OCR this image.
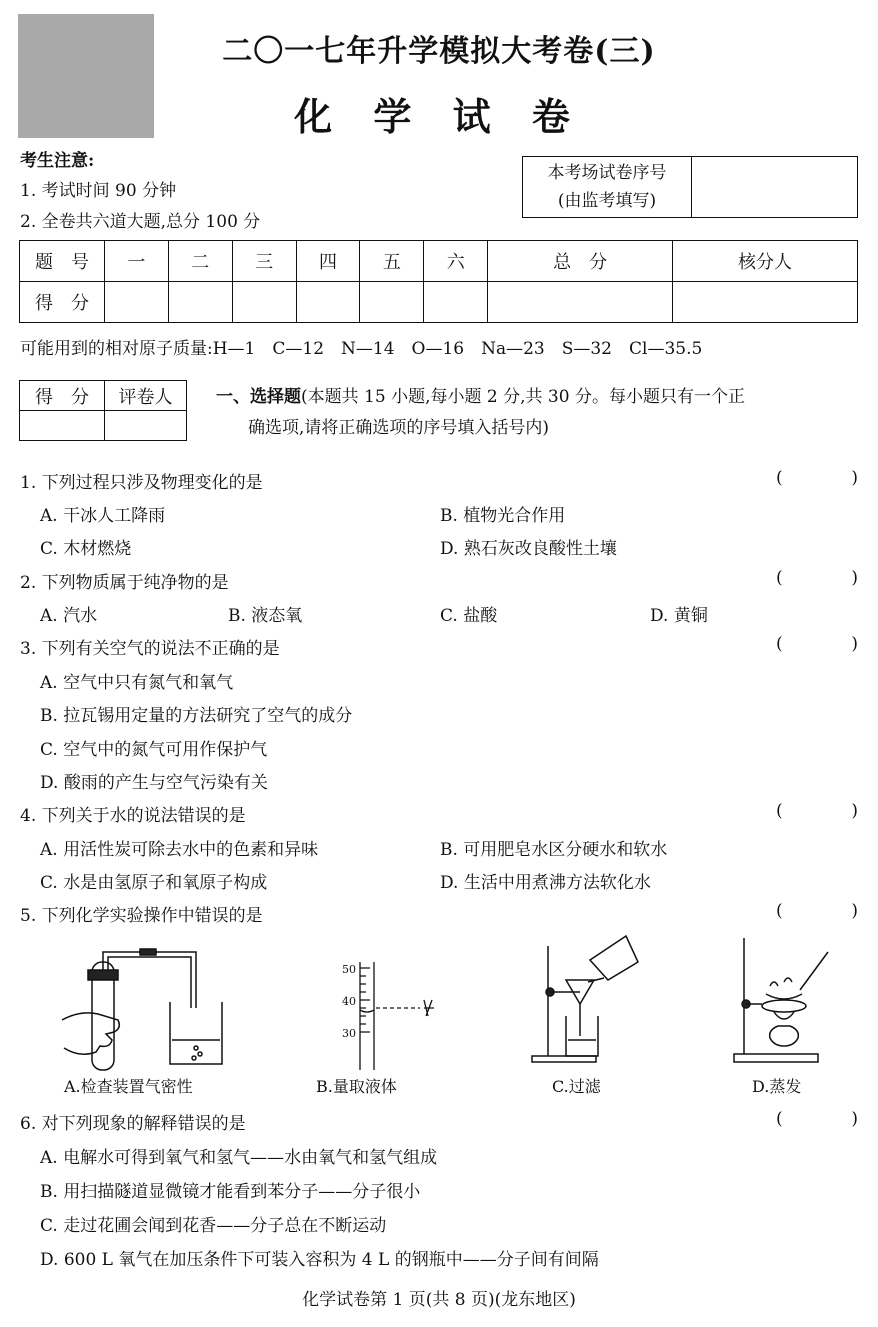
二〇一七年升学模拟大考卷(三)
化 学 试 卷
考生注意:
1. 考试时间 90 分钟
2. 全卷共六道大题,总分 100 分
本考场试卷序号
(由监考填写)

题　号	一	二	三	四	五	六	总　分	核分人
得　分								
可能用到的相对原子质量:H—1　C—12　N—14　O—16　Na—23　S—32　Cl—35.5
得　分	评卷人
		一、选择题(本题共 15 小题,每小题 2 分,共 30 分。每小题只有一个正
确选项,请将正确选项的序号填入括号内)
1. 下列过程只涉及物理变化的是	(	)
A. 干冰人工降雨	B. 植物光合作用
C. 木材燃烧	D. 熟石灰改良酸性土壤
2. 下列物质属于纯净物的是	(	)
A. 汽水	B. 液态氧	C. 盐酸	D. 黄铜
3. 下列有关空气的说法不正确的是	(	)
A. 空气中只有氮气和氧气
B. 拉瓦锡用定量的方法研究了空气的成分
C. 空气中的氮气可用作保护气
D. 酸雨的产生与空气污染有关
4. 下列关于水的说法错误的是	(	)
A. 用活性炭可除去水中的色素和异味	B. 可用肥皂水区分硬水和软水
C. 水是由氢原子和氧原子构成	D. 生活中用煮沸方法软化水
5. 下列化学实验操作中错误的是	(	)
A.检查装置气密性
50
40
30
B.量取液体	C.过滤	D.蒸发
6. 对下列现象的解释错误的是	(	)
A. 电解水可得到氧气和氢气——水由氧气和氢气组成
B. 用扫描隧道显微镜才能看到苯分子——分子很小
C. 走过花圃会闻到花香——分子总在不断运动
D. 600 L 氧气在加压条件下可装入容积为 4 L 的钢瓶中——分子间有间隔
化学试卷第 1 页(共 8 页)(龙东地区)
